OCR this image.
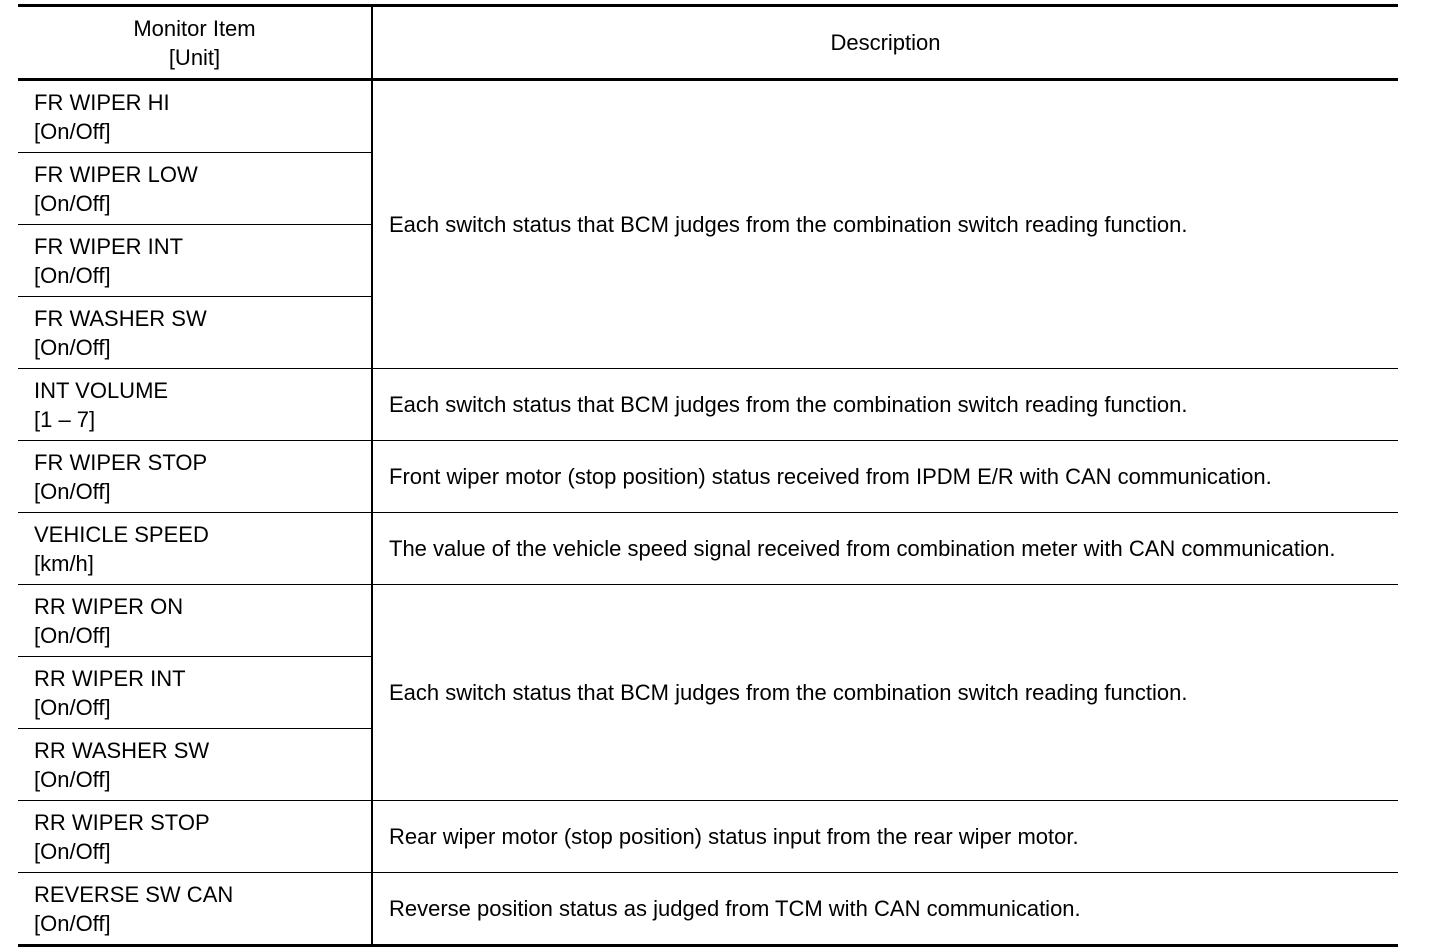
Monitor Item
[Unit]	Description

FR WIPER HI
[On/Off]	Each switch status that BCM judges from the combination switch reading function.

FR WIPER LOW
[On/Off]	

FR WIPER INT
[On/Off]	

FR WASHER SW
[On/Off]	

INT VOLUME
[1 – 7]	Each switch status that BCM judges from the combination switch reading function.

FR WIPER STOP
[On/Off]	Front wiper motor (stop position) status received from IPDM E/R with CAN communication.

VEHICLE SPEED
[km/h]	The value of the vehicle speed signal received from combination meter with CAN communication.

RR WIPER ON
[On/Off]	Each switch status that BCM judges from the combination switch reading function.

RR WIPER INT
[On/Off]	

RR WASHER SW
[On/Off]	

RR WIPER STOP
[On/Off]	Rear wiper motor (stop position) status input from the rear wiper motor.

REVERSE SW CAN
[On/Off]	Reverse position status as judged from TCM with CAN communication.
